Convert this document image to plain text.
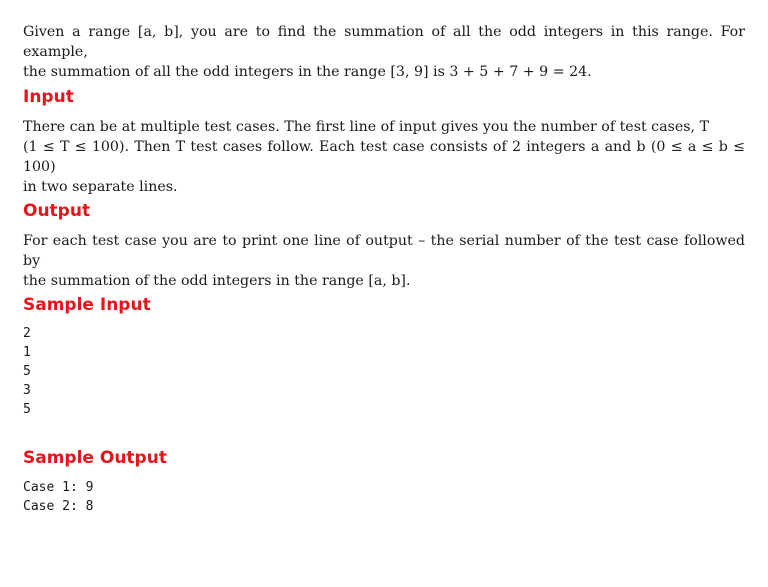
Given a range [a, b], you are to find the summation of all the odd integers in this range. For example,

the summation of all the odd integers in the range [3, 9] is 3 + 5 + 7 + 9 = 24.

Input

There can be at multiple test cases. The first line of input gives you the number of test cases, T

(1 ≤ T ≤ 100). Then T test cases follow. Each test case consists of 2 integers a and b (0 ≤ a ≤ b ≤ 100)

in two separate lines.

Output

For each test case you are to print one line of output – the serial number of the test case followed by

the summation of the odd integers in the range [a, b].

Sample Input
2
1
5
3
5
Sample Output
Case 1: 9
Case 2: 8
